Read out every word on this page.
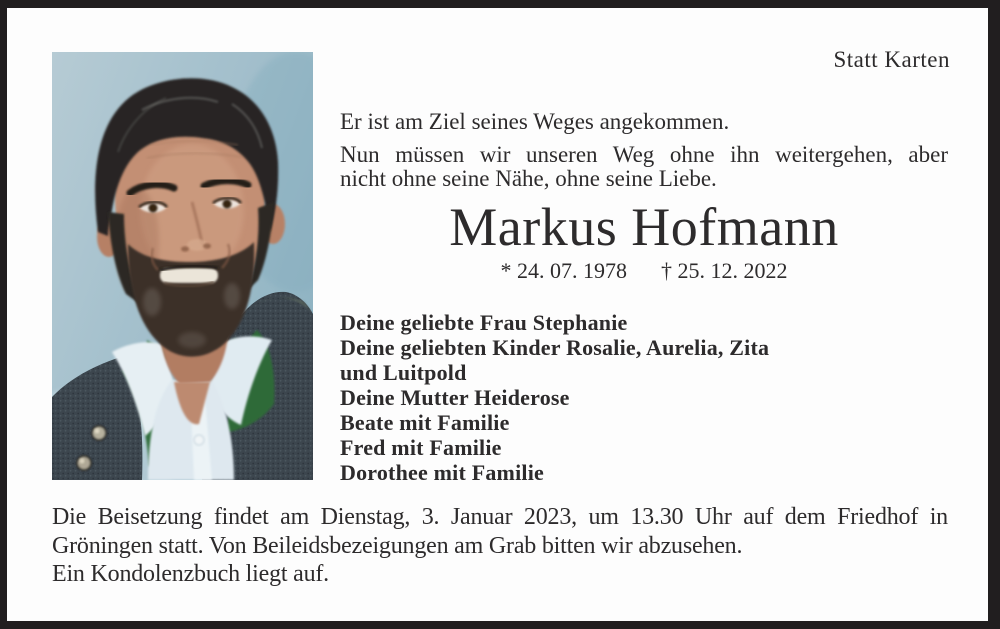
Statt Karten
Er ist am Ziel seines Weges angekommen.
Nun müssen wir unseren Weg ohne ihn weitergehen, aber
nicht ohne seine Nähe, ohne seine Liebe.
Markus Hofmann
* 24. 07. 1978 † 25. 12. 2022
Deine geliebte Frau Stephanie
Deine geliebten Kinder Rosalie, Aurelia, Zita
und Luitpold
Deine Mutter Heiderose
Beate mit Familie
Fred mit Familie
Dorothee mit Familie
Die Beisetzung findet am Dienstag, 3. Januar 2023, um 13.30 Uhr auf dem Friedhof in
Gröningen statt. Von Beileidsbezeigungen am Grab bitten wir abzusehen.
Ein Kondolenzbuch liegt auf.
